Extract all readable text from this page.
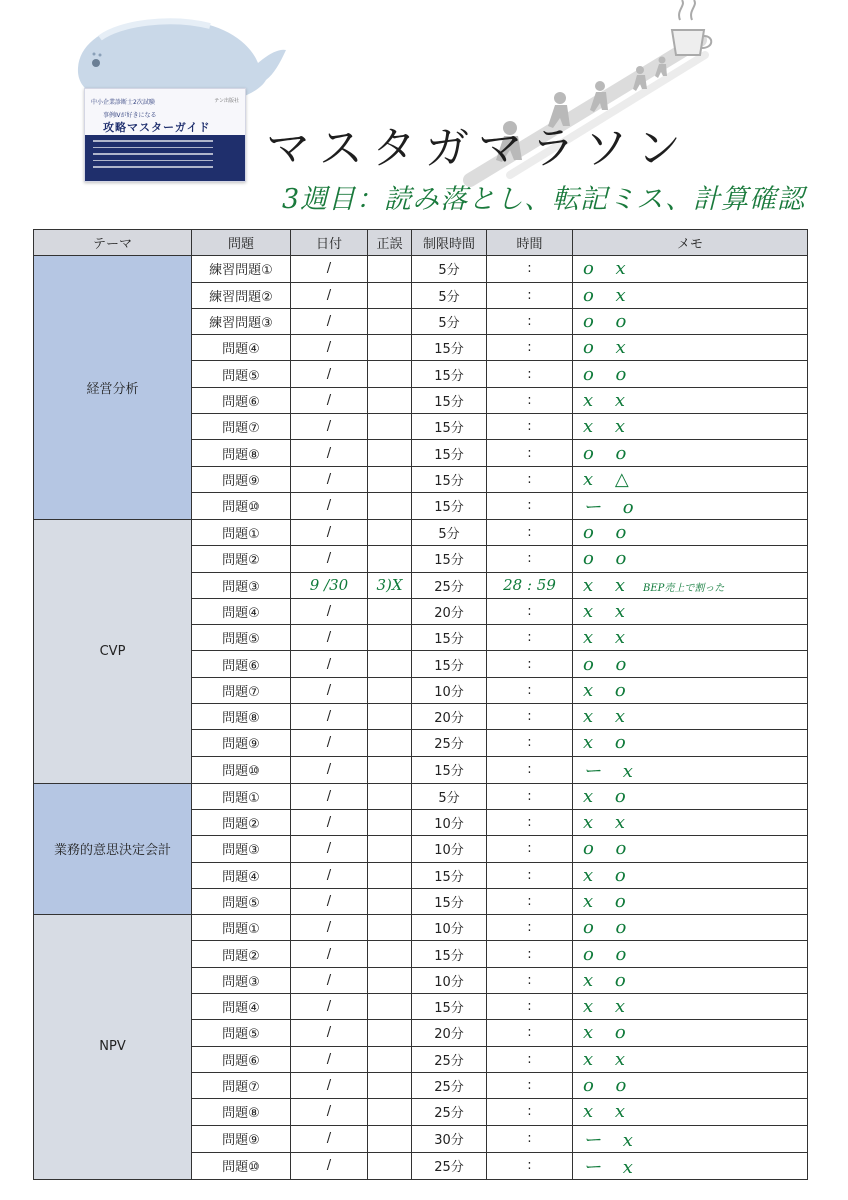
中小企業診断士2次試験	テン出版社
事例Ⅳが好きになる
攻略マスターガイド マスタガマラソン
3週目：読み落とし、転記ミス、計算確認
テーマ	問題	日付	正誤	制限時間	時間	メモ
経営分析	練習問題①	/		5分	:	o x
	練習問題②	/		5分	:	o x
	練習問題③	/		5分	:	o o
	問題④	/		15分	:	o x
	問題⑤	/		15分	:	o o
	問題⑥	/		15分	:	x x
	問題⑦	/		15分	:	x x
	問題⑧	/		15分	:	o o
	問題⑨	/		15分	:	x △
	問題⑩	/		15分	:	ー o
CVP	問題①	/		5分	:	o o
	問題②	/		15分	:	o o
	問題③	9 /30	3)X	25分	28 : 59	x x BEP売上で割った
	問題④	/		20分	:	x x
	問題⑤	/		15分	:	x x
	問題⑥	/		15分	:	o o
	問題⑦	/		10分	:	x o
	問題⑧	/		20分	:	x x
	問題⑨	/		25分	:	x o
	問題⑩	/		15分	:	ー x
業務的意思決定会計	問題①	/		5分	:	x o
	問題②	/		10分	:	x x
	問題③	/		10分	:	o o
	問題④	/		15分	:	x o
	問題⑤	/		15分	:	x o
NPV	問題①	/		10分	:	o o
	問題②	/		15分	:	o o
	問題③	/		10分	:	x o
	問題④	/		15分	:	x x
	問題⑤	/		20分	:	x o
	問題⑥	/		25分	:	x x
	問題⑦	/		25分	:	o o
	問題⑧	/		25分	:	x x
	問題⑨	/		30分	:	ー x
	問題⑩	/		25分	:	ー x
